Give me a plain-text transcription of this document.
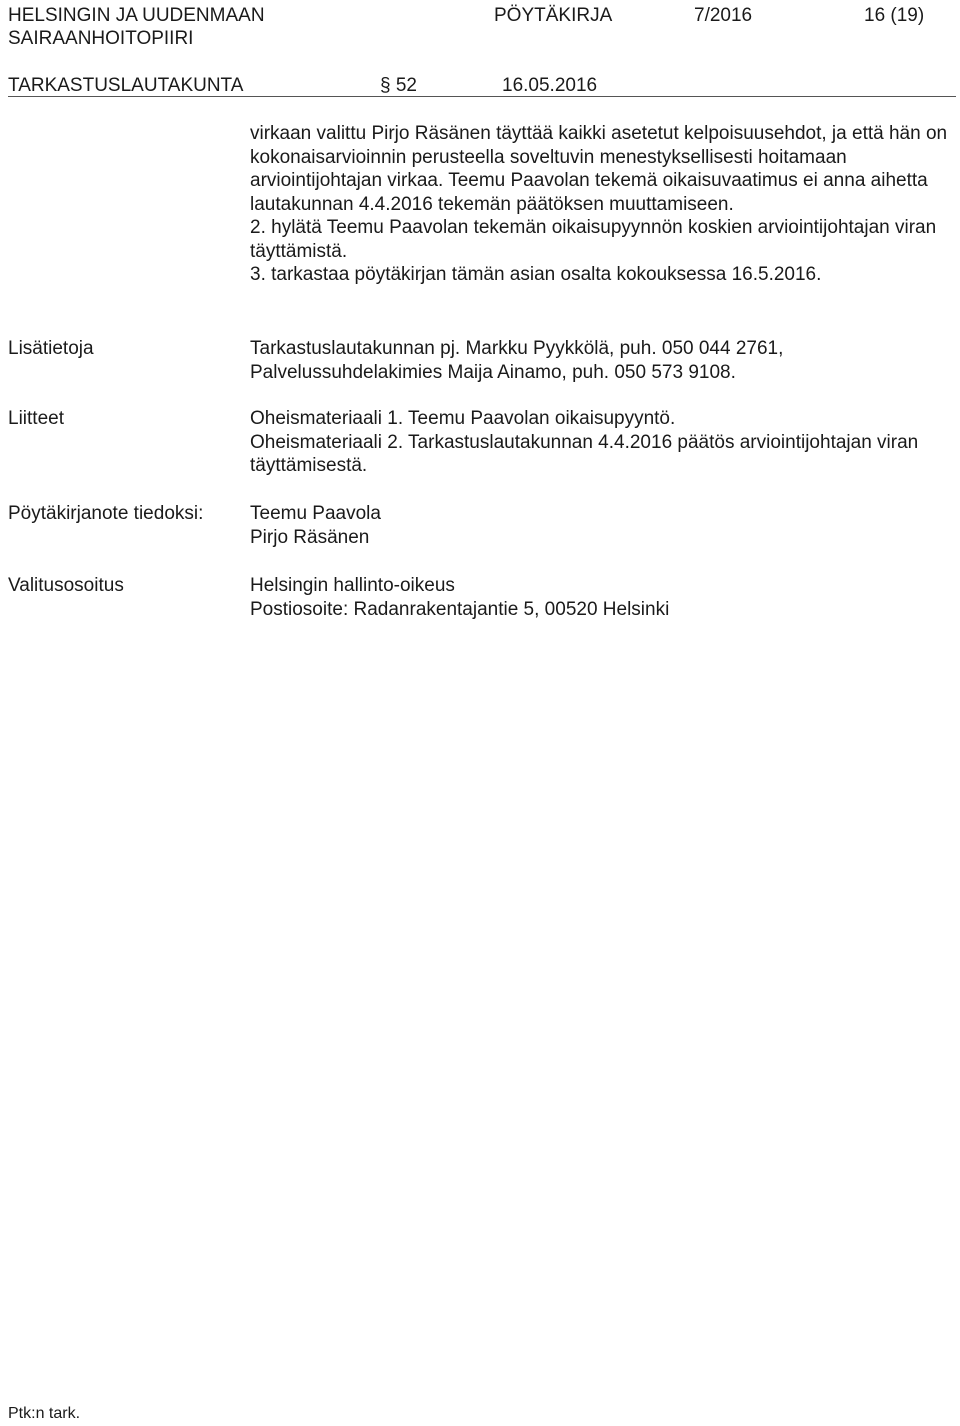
HELSINGIN JA UUDENMAAN
SAIRAANHOITOPIIRI
PÖYTÄKIRJA	7/2016	16 (19)
TARKASTUSLAUTAKUNTA	§ 52	16.05.2016

virkaan valittu Pirjo Räsänen täyttää kaikki asetetut kelpoisuusehdot, ja että hän on kokonaisarvioinnin perusteella soveltuvin menestyksellisesti hoitamaan arviointijohtajan virkaa. Teemu Paavolan tekemä oikaisuvaatimus ei anna aihetta lautakunnan 4.4.2016 tekemän päätöksen muuttamiseen.

2. hylätä Teemu Paavolan tekemän oikaisupyynnön koskien arviointijohtajan viran täyttämistä.

3. tarkastaa pöytäkirjan tämän asian osalta kokouksessa 16.5.2016.

Lisätietoja	Tarkastuslautakunnan pj. Markku Pyykkölä, puh. 050 044 2761,
Palvelussuhdelakimies Maija Ainamo, puh. 050 573 9108.
Liitteet	Oheismateriaali 1. Teemu Paavolan oikaisupyyntö.
Oheismateriaali 2. Tarkastuslautakunnan 4.4.2016 päätös arviointijohtajan viran täyttämisestä.
Pöytäkirjanote tiedoksi: Teemu Paavola
Pirjo Räsänen
Valitusosoitus	Helsingin hallinto-oikeus
Postiosoite: Radanrakentajantie 5, 00520 Helsinki
Ptk:n tark.
